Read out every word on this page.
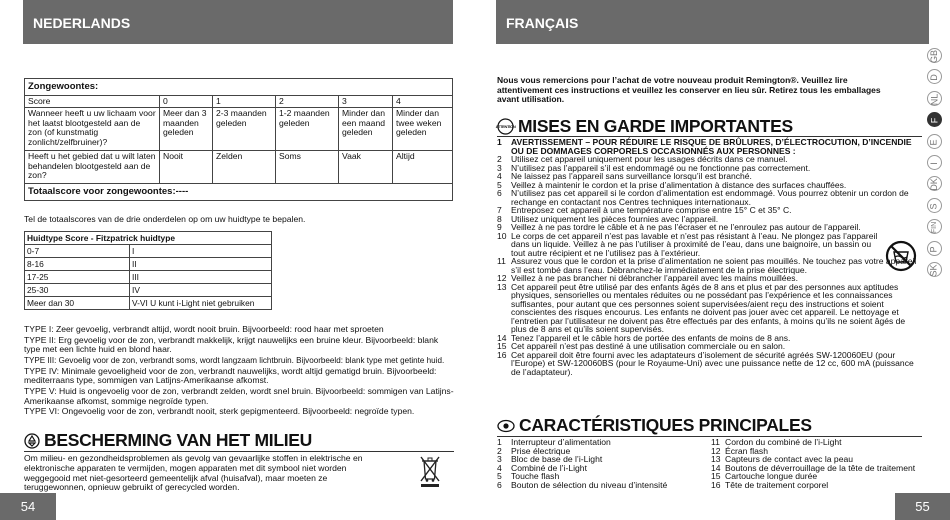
NEDERLANDS
Zongewoontes:					
Score	0	1	2	3	4
Wanneer heeft u uw lichaam voor het laatst blootgesteld aan de zon (of kunstmatig zonlicht/zelfbruiner)?	Meer dan 3 maanden geleden	2-3 maanden geleden	1-2 maanden geleden	Minder dan een maand geleden	Minder dan twee weken geleden
Heeft u het gebied dat u wilt laten behandelen blootgesteld aan de zon?	Nooit	Zelden	Soms	Vaak	Altijd
Totaalscore voor zongewoontes:----					
Tel de totaalscores van de drie onderdelen op om uw huidtype te bepalen.
Huidtype Score - Fitzpatrick huidtype	
0-7	I
8-16	II
17-25	III
25-30	IV
Meer dan 30	V-VI U kunt i-Light niet gebruiken
TYPE I: Zeer gevoelig, verbrandt altijd, wordt nooit bruin. Bijvoorbeeld: rood haar met sproeten
TYPE II: Erg gevoelig voor de zon, verbrandt makkelijk, krijgt nauwelijks een bruine kleur. Bijvoorbeeld: blank type met een lichte huid en blond haar.
TYPE III: Gevoelig voor de zon, verbrandt soms, wordt langzaam lichtbruin. Bijvoorbeeld: blank type met getinte huid.
TYPE IV: Minimale gevoeligheid voor de zon, verbrandt nauwelijks, wordt altijd gematigd bruin. Bijvoorbeeld: mediterraans type, sommigen van Latijns-Amerikaanse afkomst.
TYPE V: Huid is ongevoelig voor de zon, verbrandt zelden, wordt snel bruin. Bijvoorbeeld: sommigen van Latijns-Amerikaanse afkomst, sommige negroïde typen.
TYPE VI: Ongevoelig voor de zon, verbrandt nooit, sterk gepigmenteerd. Bijvoorbeeld: negroïde typen.
BESCHERMING VAN HET MILIEU
Om milieu- en gezondheidsproblemen als gevolg van gevaarlijke stoffen in elektrische en elektronische apparaten te vermijden, mogen apparaten met dit symbool niet worden weggegooid met niet-gesorteerd gemeentelijk afval (huisafval), maar moeten ze teruggewonnen, opnieuw gebruikt of gerecycled worden.
54
FRANÇAIS
Nous vous remercions pour l’achat de votre nouveau produit Remington®. Veuillez lire attentivement ces instructions et veuillez les conserver en lieu sûr. Retirez tous les emballages avant utilisation.
ATTENTION MISES EN GARDE IMPORTANTES
1	AVERTISSEMENT – POUR RÉDUIRE LE RISQUE DE BRÛLURES, D’ÉLECTROCUTION, D’INCENDIE OU DE DOMMAGES CORPORELS OCCASIONNÉS AUX PERSONNES :
2	Utilisez cet appareil uniquement pour les usages décrits dans ce manuel.
3	N’utilisez pas l’appareil s’il est endommagé ou ne fonctionne pas correctement.
4	Ne laissez pas l’appareil sans surveillance lorsqu’il est branché.
5	Veillez à maintenir le cordon et la prise d’alimentation à distance des surfaces chauffées.
6	N’utilisez pas cet appareil si le cordon d’alimentation est endommagé. Vous pourrez obtenir un cordon de rechange en contactant nos Centres techniques internationaux.
7	Entreposez cet appareil à une température comprise entre 15° C et 35° C.
8	Utilisez uniquement les pièces fournies avec l’appareil.
9	Veillez à ne pas tordre le câble et à ne pas l’écraser et ne l’enroulez pas autour de l’appareil.
10 Le corps de cet appareil n’est pas lavable et n’est pas résistant à l’eau. Ne plongez pas l’appareil dans un liquide. Veillez à ne pas l’utiliser à proximité de l’eau, dans une baignoire, un bassin ou tout autre récipient et ne l’utilisez pas à l’extérieur.
11 Assurez vous que le cordon et la prise d’alimentation ne soient pas mouillés. Ne touchez pas votre appareil s’il est tombé dans l’eau. Débranchez-le immédiatement de la prise électrique.
12 Veillez à ne pas brancher ni débrancher l’appareil avec les mains mouillées.
13 Cet appareil peut être utilisé par des enfants âgés de 8 ans et plus et par des personnes aux aptitudes physiques, sensorielles ou mentales réduites ou ne possédant pas l’expérience et les connaissances suffisantes, pour autant que ces personnes soient supervisées/aient reçu des instructions et soient conscientes des risques encourus. Les enfants ne doivent pas jouer avec cet appareil. Le nettoyage et l’entretien par l’utilisateur ne doivent pas être effectués par des enfants, à moins qu’ils ne soient âgés de plus de 8 ans et qu’ils soient supervisés.
14 Tenez l’appareil et le câble hors de portée des enfants de moins de 8 ans.
15 Cet appareil n’est pas destiné à une utilisation commerciale ou en salon.
16 Cet appareil doit être fourni avec les adaptateurs d’isolement de sécurité agréés SW-120060EU (pour l’Europe) et SW-120060BS (pour le Royaume-Uni) avec une puissance nette de 12 cc, 600 mA (puissance de l’adaptateur).
CARACTÉRISTIQUES PRINCIPALES
1	Interrupteur d’alimentation
2	Prise électrique
3	Bloc de base de l’i-Light
4	Combiné de l’i-Light
5	Touche flash
6	Bouton de sélection du niveau d’intensité
11 Cordon du combiné de l’i-Light
12 Écran flash
13 Capteurs de contact avec la peau
14 Boutons de déverrouillage de la tête de traitement
15 Cartouche longue durée
16 Tête de traitement corporel
55
GB
D
NL
F
E
I
DK
S
FIN
P
SK
